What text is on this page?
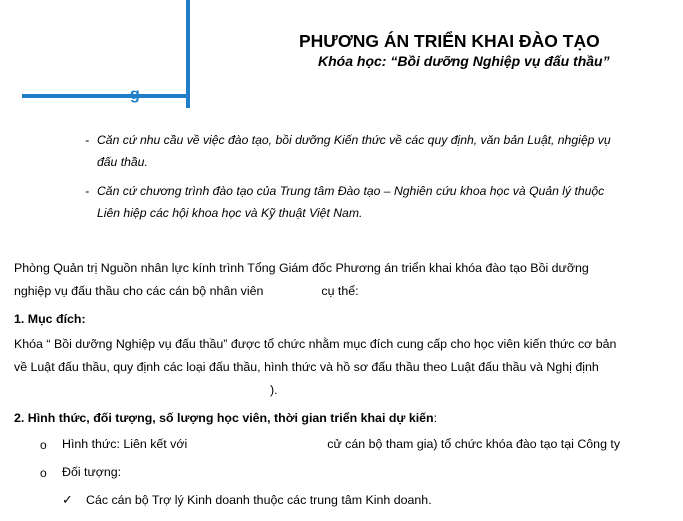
g
PHƯƠNG ÁN TRIỂN KHAI ĐÀO TẠO
Khóa học: “Bồi dưỡng Nghiệp vụ đấu thầu”
- Căn cứ nhu cầu về việc đào tạo, bồi dưỡng Kiến thức về các quy định, văn bản Luật, nhgiệp vụ
đấu thầu.
- Căn cứ chương trình đào tạo của Trung tâm Đào tạo – Nghiên cứu khoa học và Quản lý thuộc
Liên hiệp các hội khoa học và Kỹ thuật Việt Nam.
Phòng Quản trị Nguồn nhân lực kính trình Tổng Giám đốc Phương án triển khai khóa đào tạo Bồi dưỡng
nghiệp vụ đấu thầu cho các cán bộ nhân viên	cụ thể:
1. Mục đích:
Khóa “ Bồi dưỡng Nghiệp vụ đấu thầu” được tổ chức nhằm mục đích cung cấp cho học viên kiến thức cơ bản
về Luật đấu thầu, quy định các loại đấu thầu, hình thức và hồ sơ đấu thầu theo Luật đấu thầu và Nghị định
).
2. Hình thức, đối tượng, số lượng học viên, thời gian triển khai dự kiến:
o Hình thức: Liên kết với	cử cán bộ tham gia) tổ chức khóa đào tạo tại Công ty
o Đối tượng:
✓ Các cán bộ Trợ lý Kinh doanh thuộc các trung tâm Kinh doanh.
